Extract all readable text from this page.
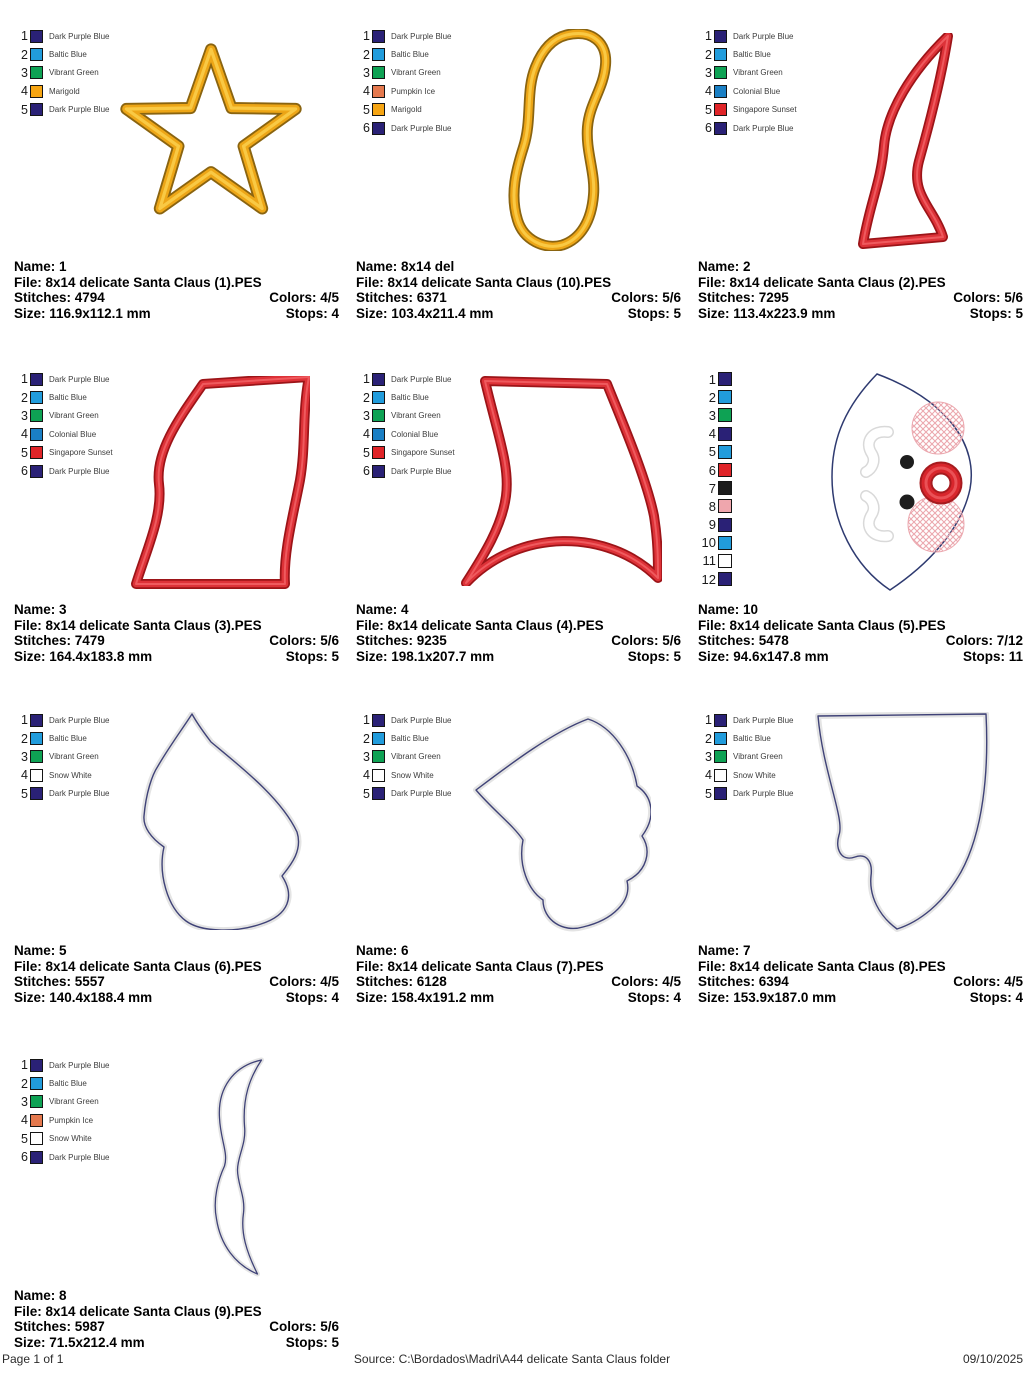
1	Dark Purple Blue
2	Baltic Blue
3	Vibrant Green
4	Marigold
5	Dark Purple Blue
Name: 1
File: 8x14 delicate Santa Claus (1).PES
Stitches: 4794	Colors: 4/5
Size: 116.9x112.1 mm	Stops: 4
1	Dark Purple Blue
2	Baltic Blue
3	Vibrant Green
4	Pumpkin Ice
5	Marigold
6	Dark Purple Blue
Name: 8x14 del
File: 8x14 delicate Santa Claus (10).PES
Stitches: 6371	Colors: 5/6
Size: 103.4x211.4 mm	Stops: 5
1	Dark Purple Blue
2	Baltic Blue
3	Vibrant Green
4	Colonial Blue
5	Singapore Sunset
6	Dark Purple Blue
Name: 2
File: 8x14 delicate Santa Claus (2).PES
Stitches: 7295	Colors: 5/6
Size: 113.4x223.9 mm	Stops: 5
1	Dark Purple Blue
2	Baltic Blue
3	Vibrant Green
4	Colonial Blue
5	Singapore Sunset
6	Dark Purple Blue
Name: 3
File: 8x14 delicate Santa Claus (3).PES
Stitches: 7479	Colors: 5/6
Size: 164.4x183.8 mm	Stops: 5
1	Dark Purple Blue
2	Baltic Blue
3	Vibrant Green
4	Colonial Blue
5	Singapore Sunset
6	Dark Purple Blue
Name: 4
File: 8x14 delicate Santa Claus (4).PES
Stitches: 9235	Colors: 5/6
Size: 198.1x207.7 mm	Stops: 5
1
2
3
4
5
6
7
8
9
10
11
12
Name: 10
File: 8x14 delicate Santa Claus (5).PES
Stitches: 5478	Colors: 7/12
Size: 94.6x147.8 mm	Stops: 11
1	Dark Purple Blue
2	Baltic Blue
3	Vibrant Green
4	Snow White
5	Dark Purple Blue
Name: 5
File: 8x14 delicate Santa Claus (6).PES
Stitches: 5557	Colors: 4/5
Size: 140.4x188.4 mm	Stops: 4
1	Dark Purple Blue
2	Baltic Blue
3	Vibrant Green
4	Snow White
5	Dark Purple Blue
Name: 6
File: 8x14 delicate Santa Claus (7).PES
Stitches: 6128	Colors: 4/5
Size: 158.4x191.2 mm	Stops: 4
1	Dark Purple Blue
2	Baltic Blue
3	Vibrant Green
4	Snow White
5	Dark Purple Blue
Name: 7
File: 8x14 delicate Santa Claus (8).PES
Stitches: 6394	Colors: 4/5
Size: 153.9x187.0 mm	Stops: 4
1	Dark Purple Blue
2	Baltic Blue
3	Vibrant Green
4	Pumpkin Ice
5	Snow White
6	Dark Purple Blue
Name: 8
File: 8x14 delicate Santa Claus (9).PES
Stitches: 5987	Colors: 5/6
Size: 71.5x212.4 mm	Stops: 5
Page 1 of 1	Source: C:\Bordados\Madri\A44 delicate Santa Claus folder	09/10/2025
